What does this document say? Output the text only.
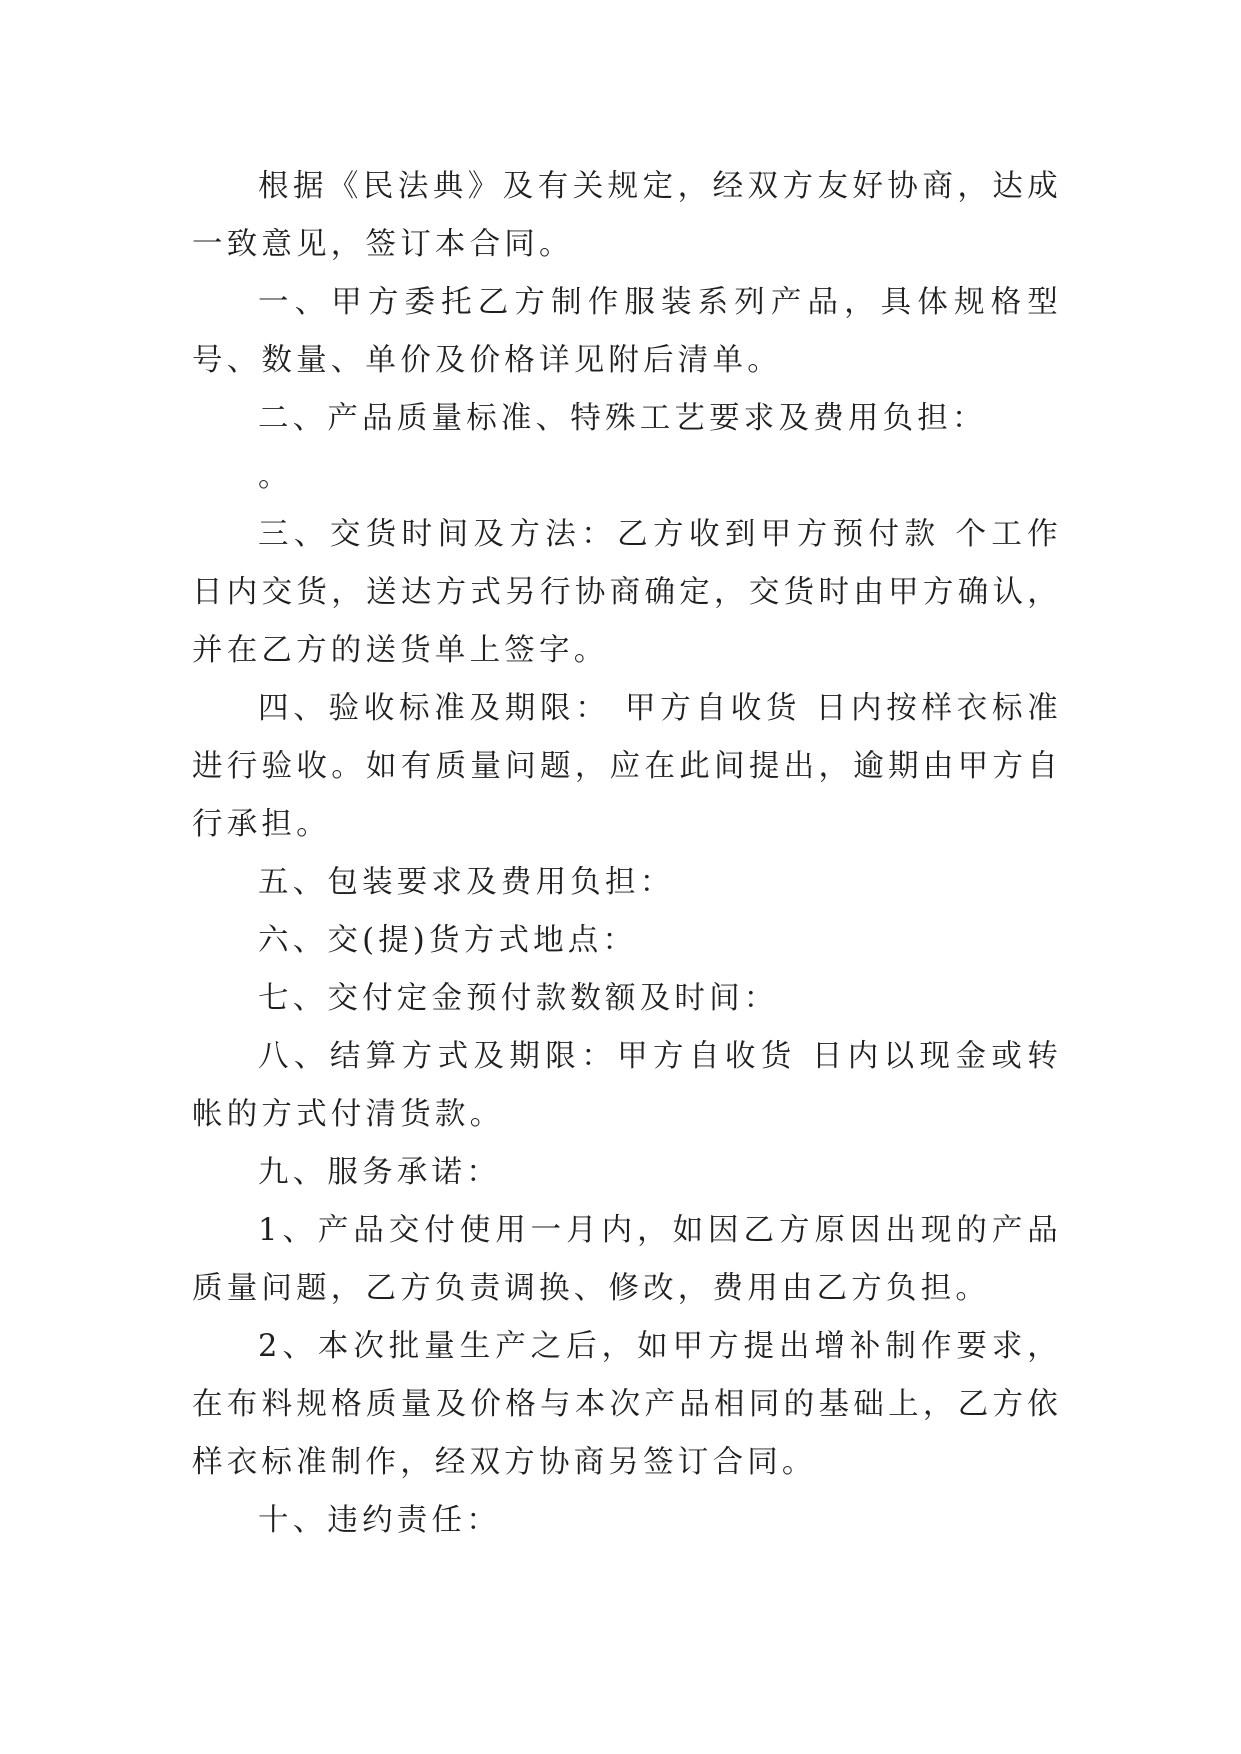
根据《民法典》及有关规定，经双方友好协商，达成一致意见，签订本合同。

一、甲方委托乙方制作服装系列产品，具体规格型号、数量、单价及价格详见附后清单。

二、产品质量标准、特殊工艺要求及费用负担：

。

三、交货时间及方法：乙方收到甲方预付款 个工作日内交货，送达方式另行协商确定，交货时由甲方确认，并在乙方的送货单上签字。

四、验收标准及期限： 甲方自收货 日内按样衣标准进行验收。如有质量问题，应在此间提出，逾期由甲方自行承担。

五、包装要求及费用负担：

六、交(提)货方式地点：

七、交付定金预付款数额及时间：

八、结算方式及期限：甲方自收货 日内以现金或转帐的方式付清货款。

九、服务承诺：

1、产品交付使用一月内，如因乙方原因出现的产品质量问题，乙方负责调换、修改，费用由乙方负担。

2、本次批量生产之后，如甲方提出增补制作要求，在布料规格质量及价格与本次产品相同的基础上，乙方依样衣标准制作，经双方协商另签订合同。

十、违约责任：
